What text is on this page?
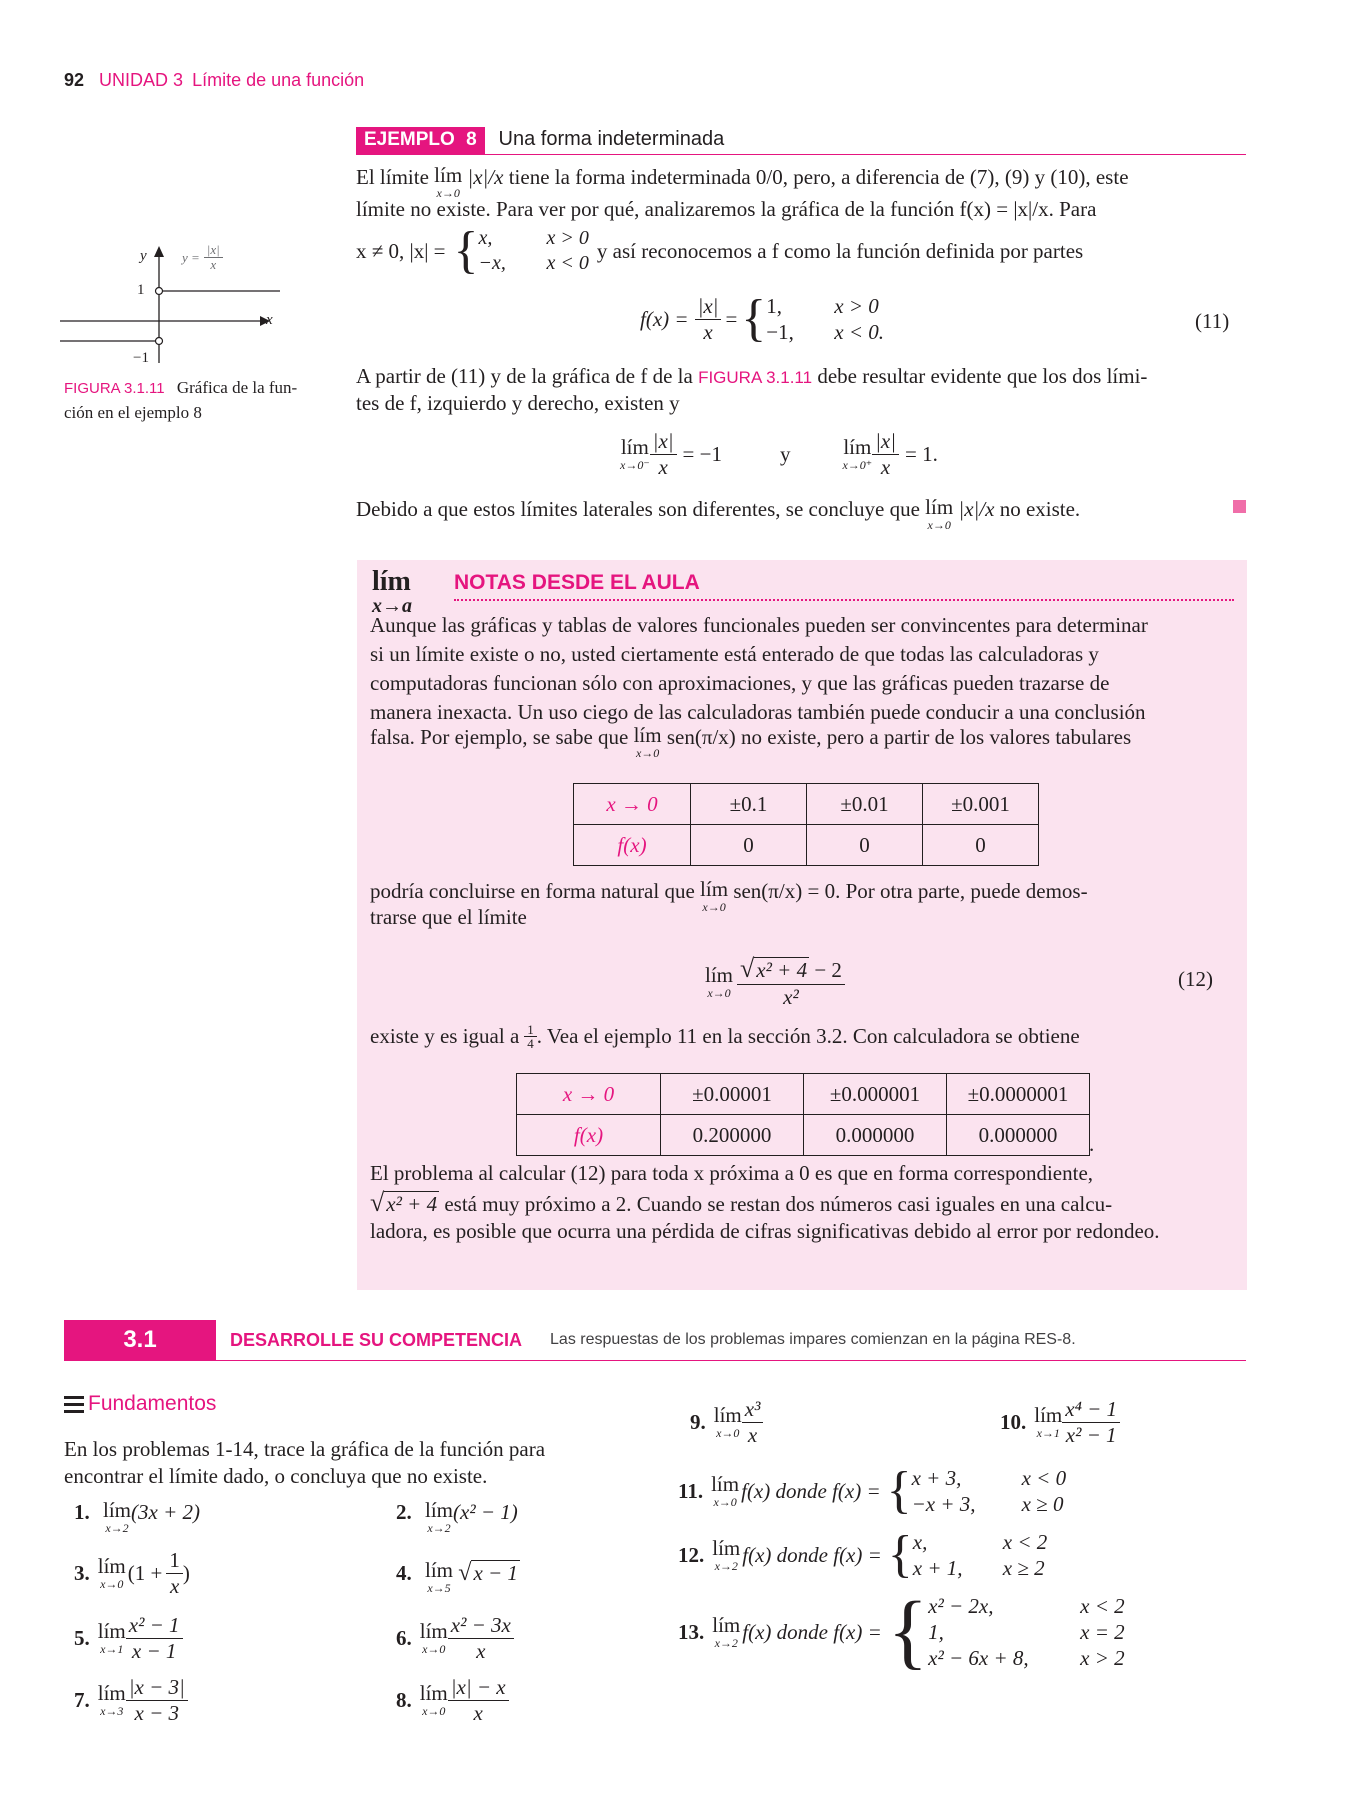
92 UNIDAD 3 Límite de una función
EJEMPLO 8 Una forma indeterminada
El límite lím
x→0
|x|/x tiene la forma indeterminada 0/0, pero, a diferencia de (7), (9) y (10), este
límite no existe. Para ver por qué, analizaremos la gráfica de la función f(x) = |x|/x. Para
x ≠ 0, |x| = { x,	x > 0
−x, x < 0
y así reconocemos a f como la función definida por partes
$f(x) = \frac{|x|}{x}$ = { 1, x > 0
−1, x < 0.	(11)
A partir de (11) y de la gráfica de f de la FIGURA 3.1.11 debe resultar evidente que los dos lími-
tes de f, izquierdo y derecho, existen y
lím
$x\to 0^- \frac{|x|}{x} = -1$	y	lím
$x\to 0^+ \frac{|x|}{x} = 1$.
Debido a que estos límites laterales son diferentes, se concluye que lím
x→0
|x|/x no existe.
y
x
1
−1
$y = \frac{|x|}{x}$
FIGURA 3.1.11 Gráfica de la fun-
ción en el ejemplo 8
lím
x→a
NOTAS DESDE EL AULA
Aunque las gráficas y tablas de valores funcionales pueden ser convincentes para determinar
si un límite existe o no, usted ciertamente está enterado de que todas las calculadoras y
computadoras funcionan sólo con aproximaciones, y que las gráficas pueden trazarse de
manera inexacta. Un uso ciego de las calculadoras también puede conducir a una conclusión
falsa. Por ejemplo, se sabe que lím
x→0
sen(π/x) no existe, pero a partir de los valores tabulares
x → 0	±0.1	±0.01	±0.001
f(x)	0	0	0
podría concluirse en forma natural que lím
x→0
sen(π/x) = 0. Por otra parte, puede demos-
trarse que el límite
lím
$x\to 0 \frac{\text{√x² + 4 − 2}}{\text{x²}}$	(12)
existe y es igual a $\frac{1}{4}$ . Vea el ejemplo 11 en la sección 3.2. Con calculadora se obtiene
x → 0	±0.00001	±0.000001	±0.0000001
f(x)	0.200000	0.000000	0.000000 .
El problema al calcular (12) para toda x próxima a 0 es que en forma correspondiente,
√x² + 4 está muy próximo a 2. Cuando se restan dos números casi iguales en una calcu-
ladora, es posible que ocurra una pérdida de cifras significativas debido al error por redondeo.
3.1	DESARROLLE SU COMPETENCIA Las respuestas de los problemas impares comienzan en la página RES-8.
Fundamentos
En los problemas 1-14, trace la gráfica de la función para
encontrar el límite dado, o concluya que no existe.
1. lím
x→2
(3x + 2)	2. lím
x→2
(x² − 1)
3. lím
x→0 ($1 + \frac{1}{x}$ )	4. lím
x→5
√x − 1
5. lím
$x\to 1 \frac{\text{x² − 1}}{x - 1}$	6. lím
$x\to 0 \frac{\text{x² − 3x}}{x}$
7. lím
$x\to 3 \frac{|x - 3|}{x - 3}$	8. lím
$x\to 0 \frac{|x| - x}{x}$
9. lím
$x\to 0 \frac{\text{x³}}{x}$	10. lím
$x\to 1 \frac{\text{x⁴ − 1}}{\text{x² − 1}}$
11. lím
x→0 f(x) donde f(x) = { x + 3,	x < 0
−x + 3, x ≥ 0
12. lím
x→2 f(x) donde f(x) = { x,	x < 2
x + 1, x ≥ 2
13. lím
x→2 f(x) donde f(x) = { x² − 2x,	x < 2
1,	x = 2
x² − 6x + 8, x > 2
